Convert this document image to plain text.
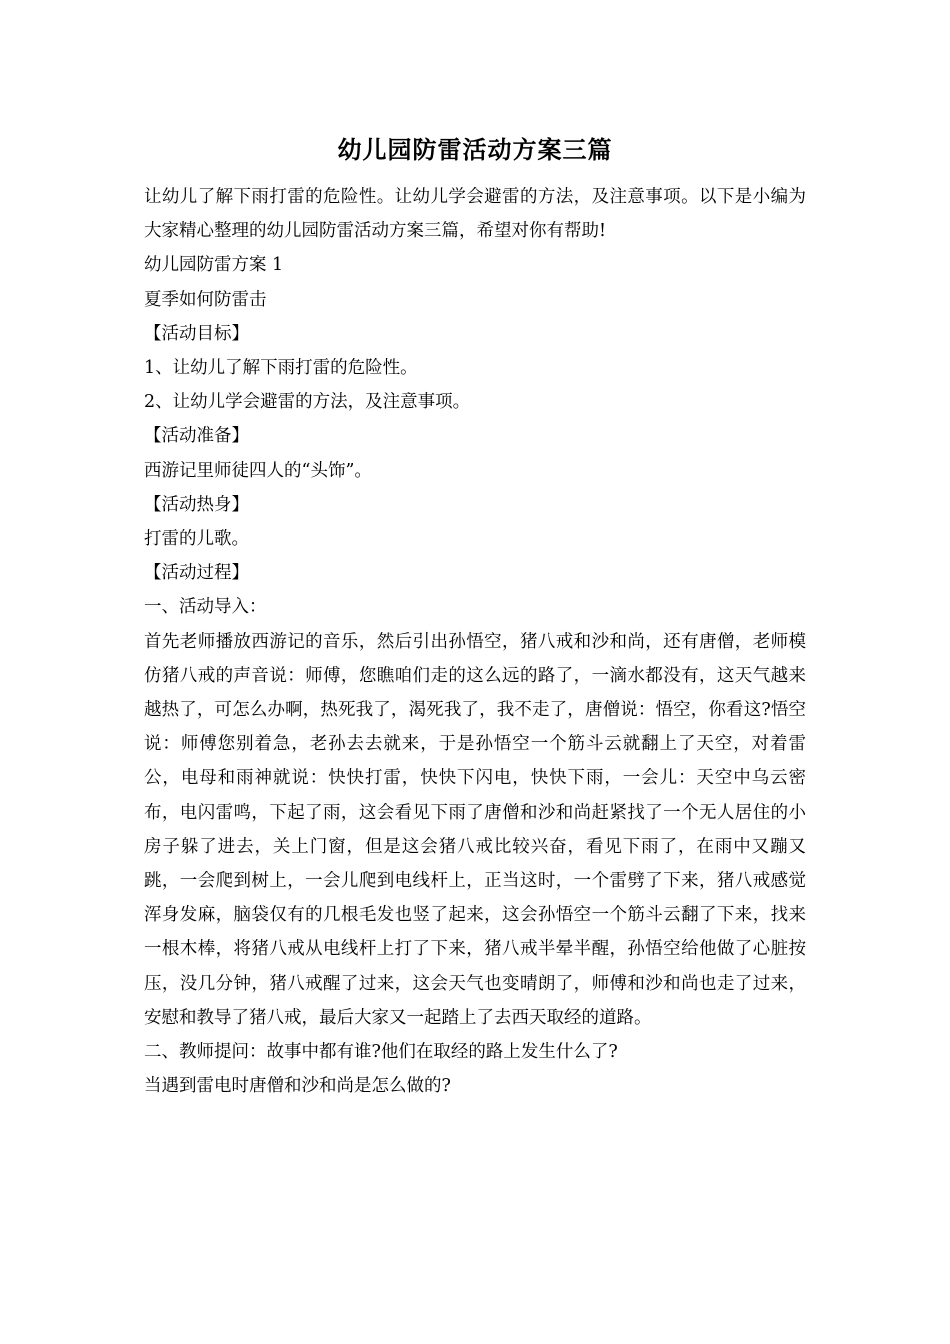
幼儿园防雷活动方案三篇

让幼儿了解下雨打雷的危险性。让幼儿学会避雷的方法，及注意事项。以下是小编为大家精心整理的幼儿园防雷活动方案三篇，希望对你有帮助!

幼儿园防雷方案 1

夏季如何防雷击

【活动目标】

1、让幼儿了解下雨打雷的危险性。

2、让幼儿学会避雷的方法，及注意事项。

【活动准备】

西游记里师徒四人的“头饰”。

【活动热身】

打雷的儿歌。

【活动过程】

一、活动导入：

首先老师播放西游记的音乐，然后引出孙悟空，猪八戒和沙和尚，还有唐僧，老师模仿猪八戒的声音说：师傅，您瞧咱们走的这么远的路了，一滴水都没有，这天气越来越热了，可怎么办啊，热死我了，渴死我了，我不走了，唐僧说：悟空，你看这?悟空说：师傅您别着急，老孙去去就来，于是孙悟空一个筋斗云就翻上了天空，对着雷公，电母和雨神就说：快快打雷，快快下闪电，快快下雨，一会儿：天空中乌云密布，电闪雷鸣，下起了雨，这会看见下雨了唐僧和沙和尚赶紧找了一个无人居住的小房子躲了进去，关上门窗，但是这会猪八戒比较兴奋，看见下雨了，在雨中又蹦又跳，一会爬到树上，一会儿爬到电线杆上，正当这时，一个雷劈了下来，猪八戒感觉浑身发麻，脑袋仅有的几根毛发也竖了起来，这会孙悟空一个筋斗云翻了下来，找来一根木棒，将猪八戒从电线杆上打了下来，猪八戒半晕半醒，孙悟空给他做了心脏按压，没几分钟，猪八戒醒了过来，这会天气也变晴朗了，师傅和沙和尚也走了过来，安慰和教导了猪八戒，最后大家又一起踏上了去西天取经的道路。

二、教师提问：故事中都有谁?他们在取经的路上发生什么了?

当遇到雷电时唐僧和沙和尚是怎么做的?
